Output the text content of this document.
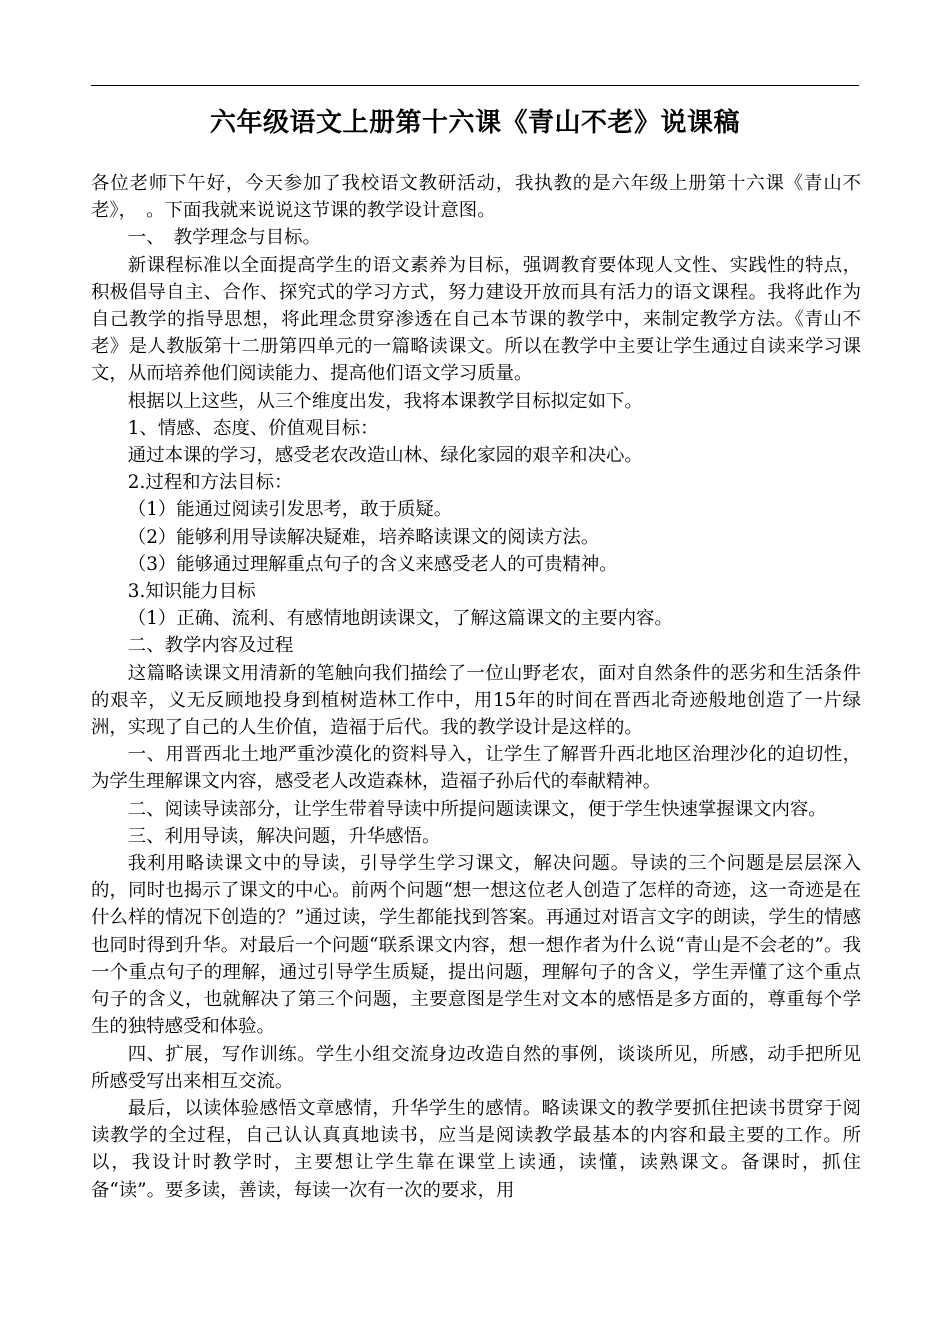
六年级语文上册第十六课《青山不老》说课稿

各位老师下午好，今天参加了我校语文教研活动，我执教的是六年级上册第十六课《青山不老》，　。下面我就来说说这节课的教学设计意图。

一、　教学理念与目标。

新课程标准以全面提高学生的语文素养为目标，强调教育要体现人文性、实践性的特点，积极倡导自主、合作、探究式的学习方式，努力建设开放而具有活力的语文课程。我将此作为自己教学的指导思想，将此理念贯穿渗透在自己本节课的教学中，来制定教学方法。《青山不老》是人教版第十二册第四单元的一篇略读课文。所以在教学中主要让学生通过自读来学习课文，从而培养他们阅读能力、提高他们语文学习质量。

根据以上这些，从三个维度出发，我将本课教学目标拟定如下。

1、情感、态度、价值观目标：

通过本课的学习，感受老农改造山林、绿化家园的艰辛和决心。

2.过程和方法目标：

（1）能通过阅读引发思考，敢于质疑。

（2）能够利用导读解决疑难，培养略读课文的阅读方法。

（3）能够通过理解重点句子的含义来感受老人的可贵精神。

3.知识能力目标

（1）正确、流利、有感情地朗读课文，了解这篇课文的主要内容。

二、教学内容及过程

这篇略读课文用清新的笔触向我们描绘了一位山野老农，面对自然条件的恶劣和生活条件的艰辛，义无反顾地投身到植树造林工作中，用15年的时间在晋西北奇迹般地创造了一片绿洲，实现了自己的人生价值，造福于后代。我的教学设计是这样的。

一、用晋西北土地严重沙漠化的资料导入，让学生了解晋升西北地区治理沙化的迫切性，为学生理解课文内容，感受老人改造森林，造福子孙后代的奉献精神。

二、阅读导读部分，让学生带着导读中所提问题读课文，便于学生快速掌握课文内容。

三、利用导读，解决问题，升华感悟。

我利用略读课文中的导读，引导学生学习课文，解决问题。导读的三个问题是层层深入的，同时也揭示了课文的中心。前两个问题“想一想这位老人创造了怎样的奇迹，这一奇迹是在什么样的情况下创造的？”通过读，学生都能找到答案。再通过对语言文字的朗读，学生的情感也同时得到升华。对最后一个问题“联系课文内容，想一想作者为什么说“青山是不会老的”。我一个重点句子的理解，通过引导学生质疑，提出问题，理解句子的含义，学生弄懂了这个重点句子的含义，也就解决了第三个问题，主要意图是学生对文本的感悟是多方面的，尊重每个学生的独特感受和体验。

四、扩展，写作训练。学生小组交流身边改造自然的事例，谈谈所见，所感，动手把所见所感受写出来相互交流。

最后，以读体验感悟文章感情，升华学生的感情。略读课文的教学要抓住把读书贯穿于阅读教学的全过程，自己认认真真地读书，应当是阅读教学最基本的内容和最主要的工作。所以，我设计时教学时，主要想让学生靠在课堂上读通，读懂，读熟课文。备课时，抓住备“读”。要多读，善读，每读一次有一次的要求，用
